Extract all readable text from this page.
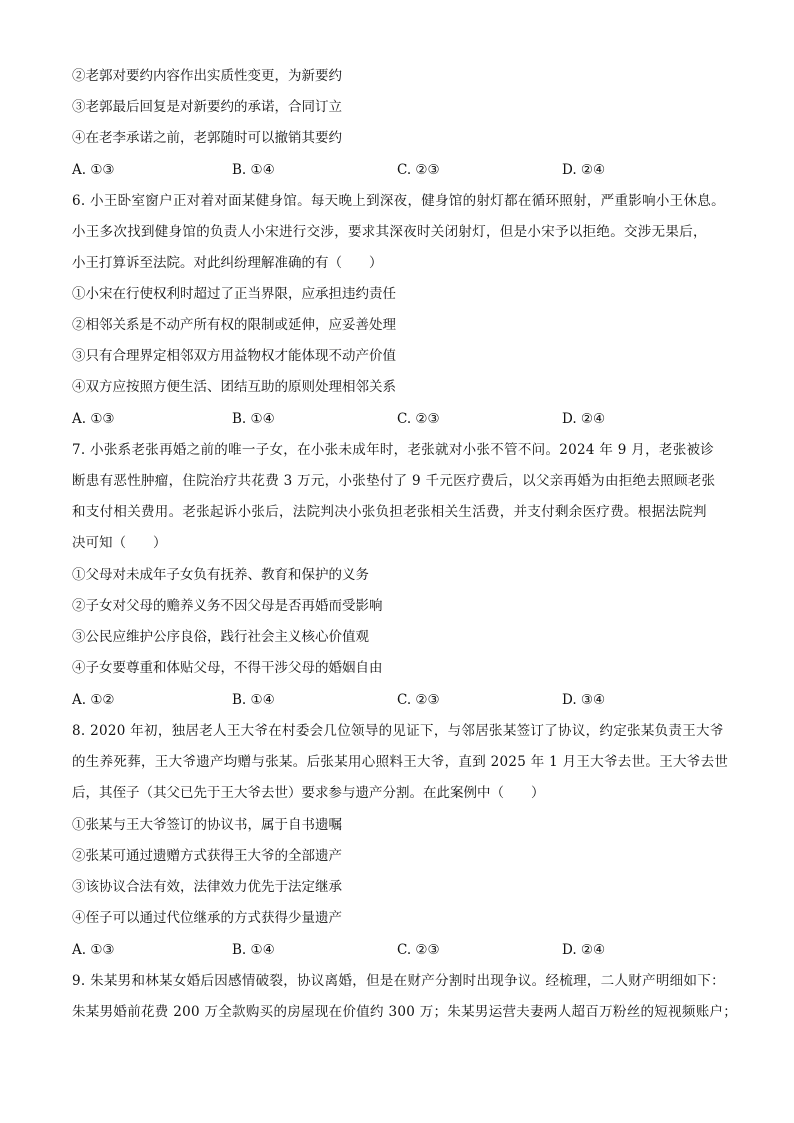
②老郭对要约内容作出实质性变更，为新要约
③老郭最后回复是对新要约的承诺，合同订立
④在老李承诺之前，老郭随时可以撤销其要约
A. ①③	B. ①④	C. ②③	D. ②④
6. 小王卧室窗户正对着对面某健身馆。每天晚上到深夜，健身馆的射灯都在循环照射，严重影响小王休息。
小王多次找到健身馆的负责人小宋进行交涉，要求其深夜时关闭射灯，但是小宋予以拒绝。交涉无果后，
小王打算诉至法院。对此纠纷理解准确的有（　　）
①小宋在行使权利时超过了正当界限，应承担违约责任
②相邻关系是不动产所有权的限制或延伸，应妥善处理
③只有合理界定相邻双方用益物权才能体现不动产价值
④双方应按照方便生活、团结互助的原则处理相邻关系
A. ①③	B. ①④	C. ②③	D. ②④
7. 小张系老张再婚之前的唯一子女，在小张未成年时，老张就对小张不管不问。2024 年 9 月，老张被诊
断患有恶性肿瘤，住院治疗共花费 3 万元，小张垫付了 9 千元医疗费后，以父亲再婚为由拒绝去照顾老张
和支付相关费用。老张起诉小张后，法院判决小张负担老张相关生活费，并支付剩余医疗费。根据法院判
决可知（　　）
①父母对未成年子女负有抚养、教育和保护的义务
②子女对父母的赡养义务不因父母是否再婚而受影响
③公民应维护公序良俗，践行社会主义核心价值观
④子女要尊重和体贴父母，不得干涉父母的婚姻自由
A. ①②	B. ①④	C. ②③	D. ③④
8. 2020 年初，独居老人王大爷在村委会几位领导的见证下，与邻居张某签订了协议，约定张某负责王大爷
的生养死葬，王大爷遗产均赠与张某。后张某用心照料王大爷，直到 2025 年 1 月王大爷去世。王大爷去世
后，其侄子（其父已先于王大爷去世）要求参与遗产分割。在此案例中（　　）
①张某与王大爷签订的协议书，属于自书遗嘱
②张某可通过遗赠方式获得王大爷的全部遗产
③该协议合法有效，法律效力优先于法定继承
④侄子可以通过代位继承的方式获得少量遗产
A. ①③	B. ①④	C. ②③	D. ②④
9. 朱某男和林某女婚后因感情破裂，协议离婚，但是在财产分割时出现争议。经梳理，二人财产明细如下：
朱某男婚前花费 200 万全款购买的房屋现在价值约 300 万；朱某男运营夫妻两人超百万粉丝的短视频账户；
